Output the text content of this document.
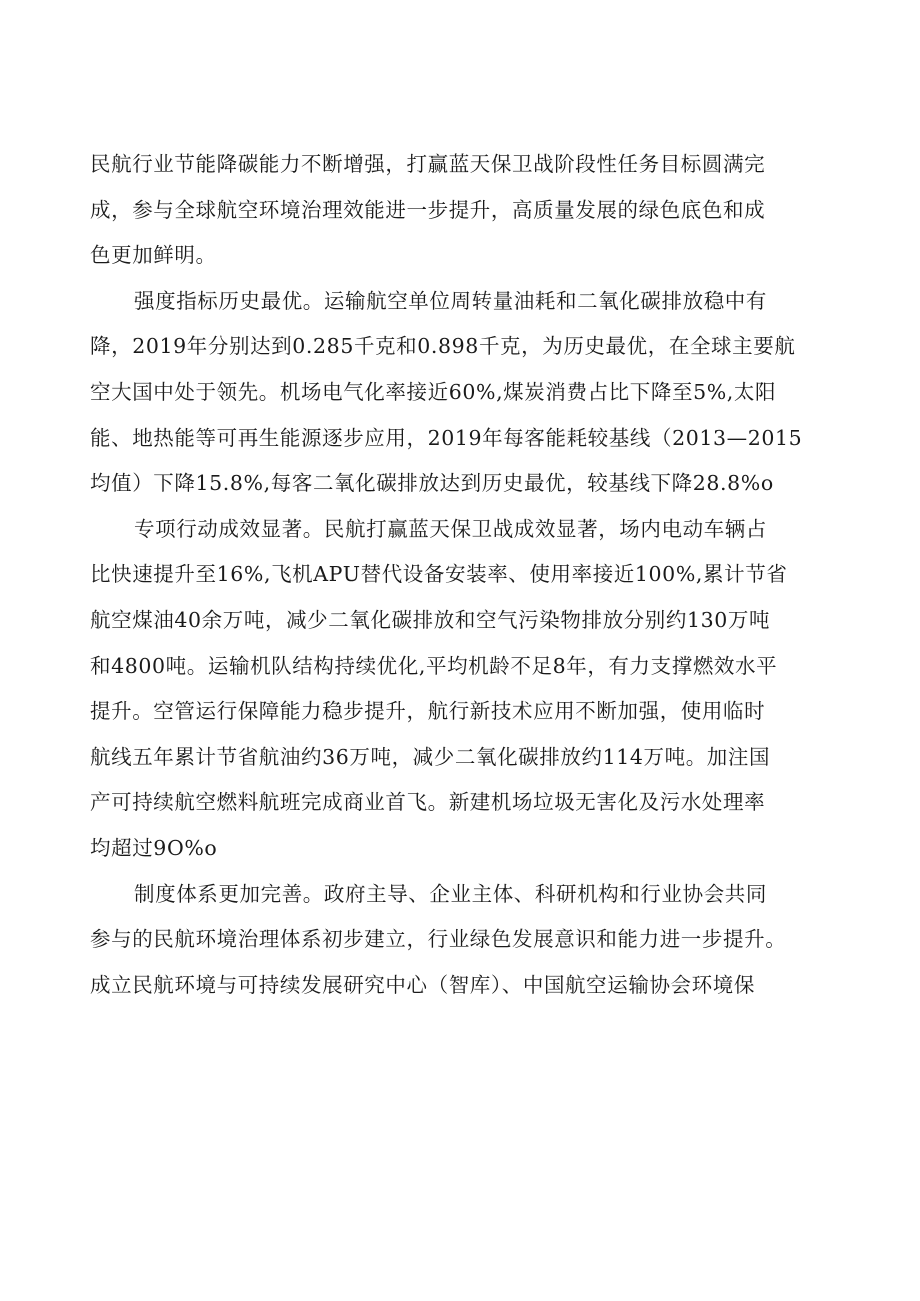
民航行业节能降碳能力不断增强，打赢蓝天保卫战阶段性任务目标圆满完
成，参与全球航空环境治理效能进一步提升，高质量发展的绿色底色和成
色更加鲜明。
强度指标历史最优。运输航空单位周转量油耗和二氧化碳排放稳中有
降，2019年分别达到0.285千克和0.898千克，为历史最优，在全球主要航
空大国中处于领先。机场电气化率接近60%,煤炭消费占比下降至5%,太阳
能、地热能等可再生能源逐步应用，2019年每客能耗较基线（2013—2015
均值）下降15.8%,每客二氧化碳排放达到历史最优，较基线下降28.8%o
专项行动成效显著。民航打赢蓝天保卫战成效显著，场内电动车辆占
比快速提升至16%,飞机APU替代设备安装率、使用率接近100%,累计节省
航空煤油40余万吨，减少二氧化碳排放和空气污染物排放分别约130万吨
和4800吨。运输机队结构持续优化,平均机龄不足8年，有力支撑燃效水平
提升。空管运行保障能力稳步提升，航行新技术应用不断加强，使用临时
航线五年累计节省航油约36万吨，减少二氧化碳排放约114万吨。加注国
产可持续航空燃料航班完成商业首飞。新建机场垃圾无害化及污水处理率
均超过9O%o
制度体系更加完善。政府主导、企业主体、科研机构和行业协会共同
参与的民航环境治理体系初步建立，行业绿色发展意识和能力进一步提升。
成立民航环境与可持续发展研究中心（智库）、中国航空运输协会环境保
